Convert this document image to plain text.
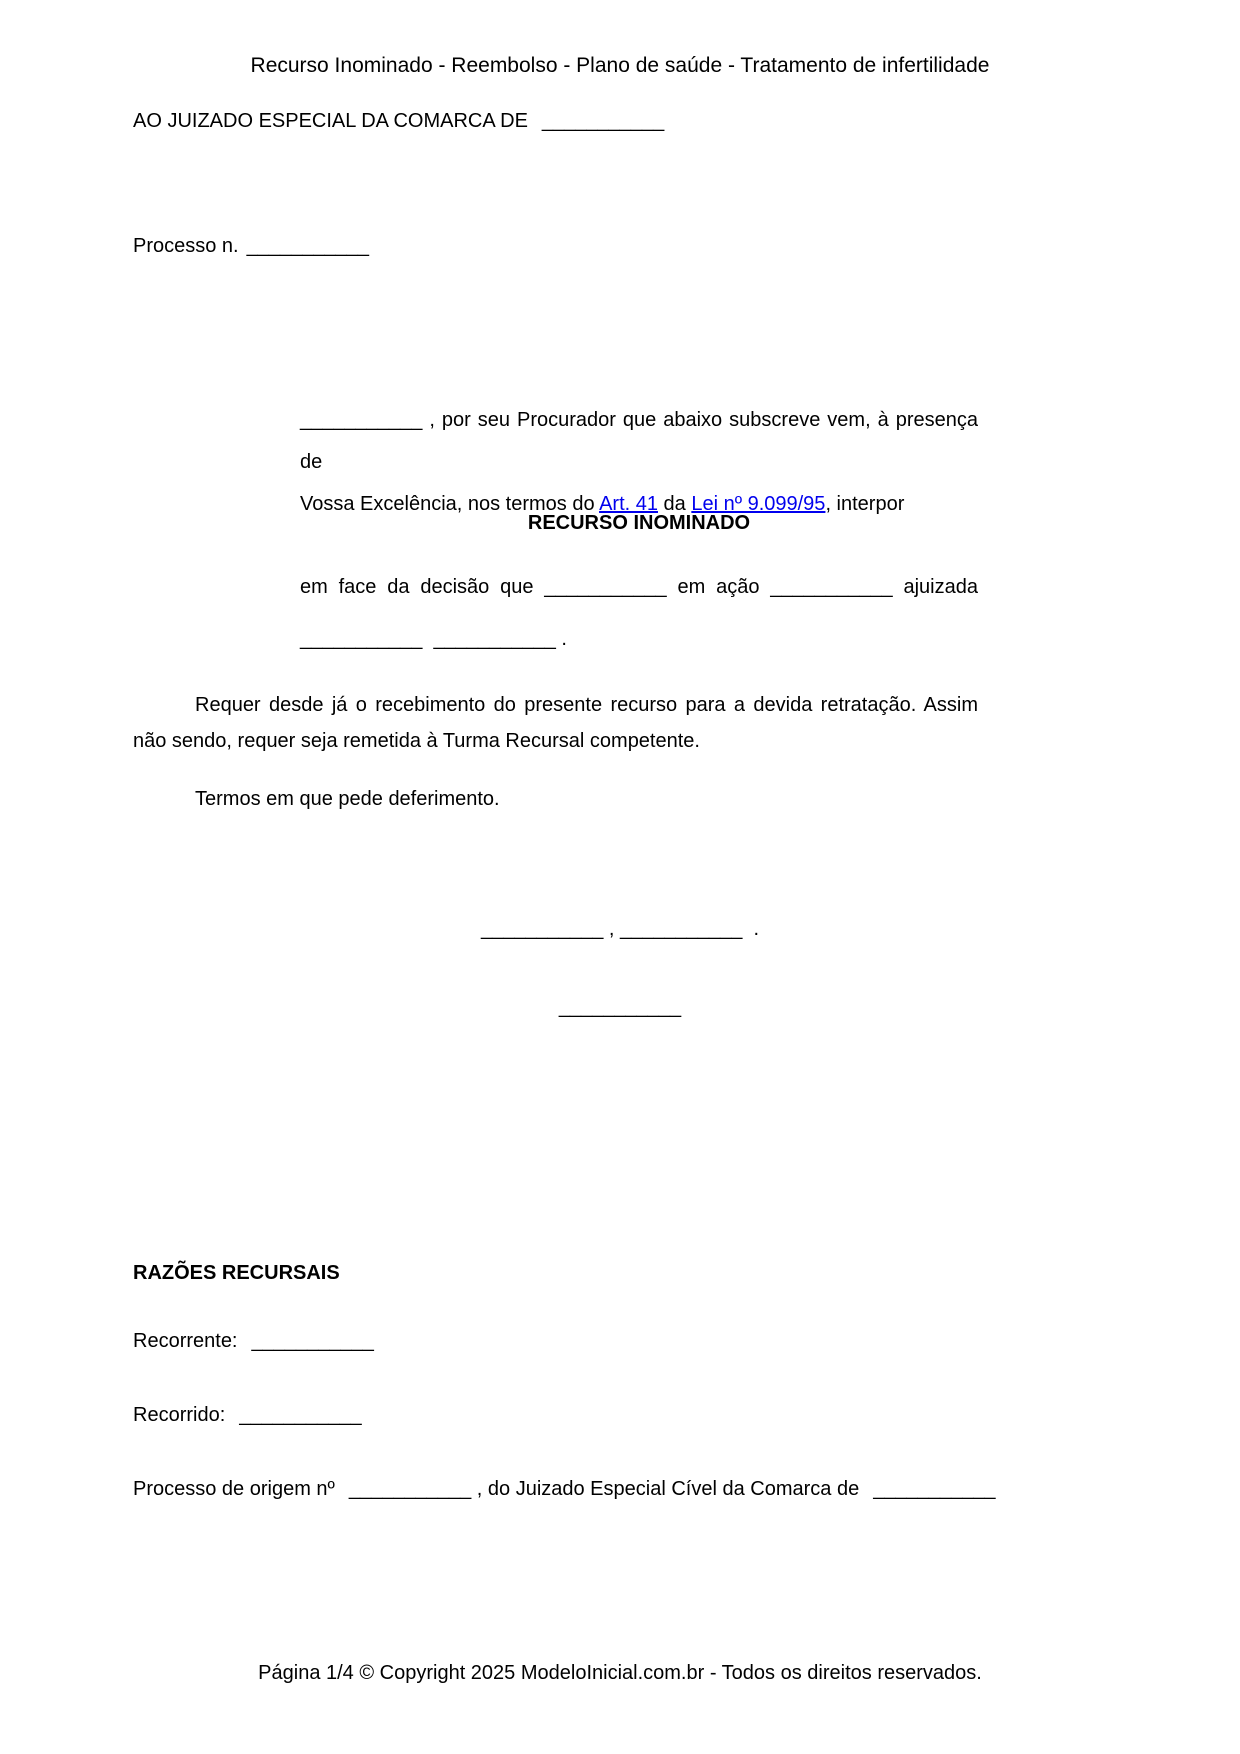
Recurso Inominado - Reembolso - Plano de saúde - Tratamento de infertilidade
AO JUIZADO ESPECIAL DA COMARCA DE ___________
Processo n. ___________
___________ , por seu Procurador que abaixo subscreve vem, à presença de
Vossa Excelência, nos termos do Art. 41 da Lei nº 9.099/95, interpor
RECURSO INOMINADO
em face da decisão que ___________ em ação ___________ ajuizada
___________  ___________ .
Requer desde já o recebimento do presente recurso para a devida retratação. Assim
não sendo, requer seja remetida à Turma Recursal competente.
Termos em que pede deferimento.
___________ , ___________  .
___________
RAZÕES RECURSAIS
Recorrente: ___________
Recorrido: ___________
Processo de origem nº ___________ , do Juizado Especial Cível da Comarca de ___________
Página 1/4 © Copyright 2025 ModeloInicial.com.br - Todos os direitos reservados.
